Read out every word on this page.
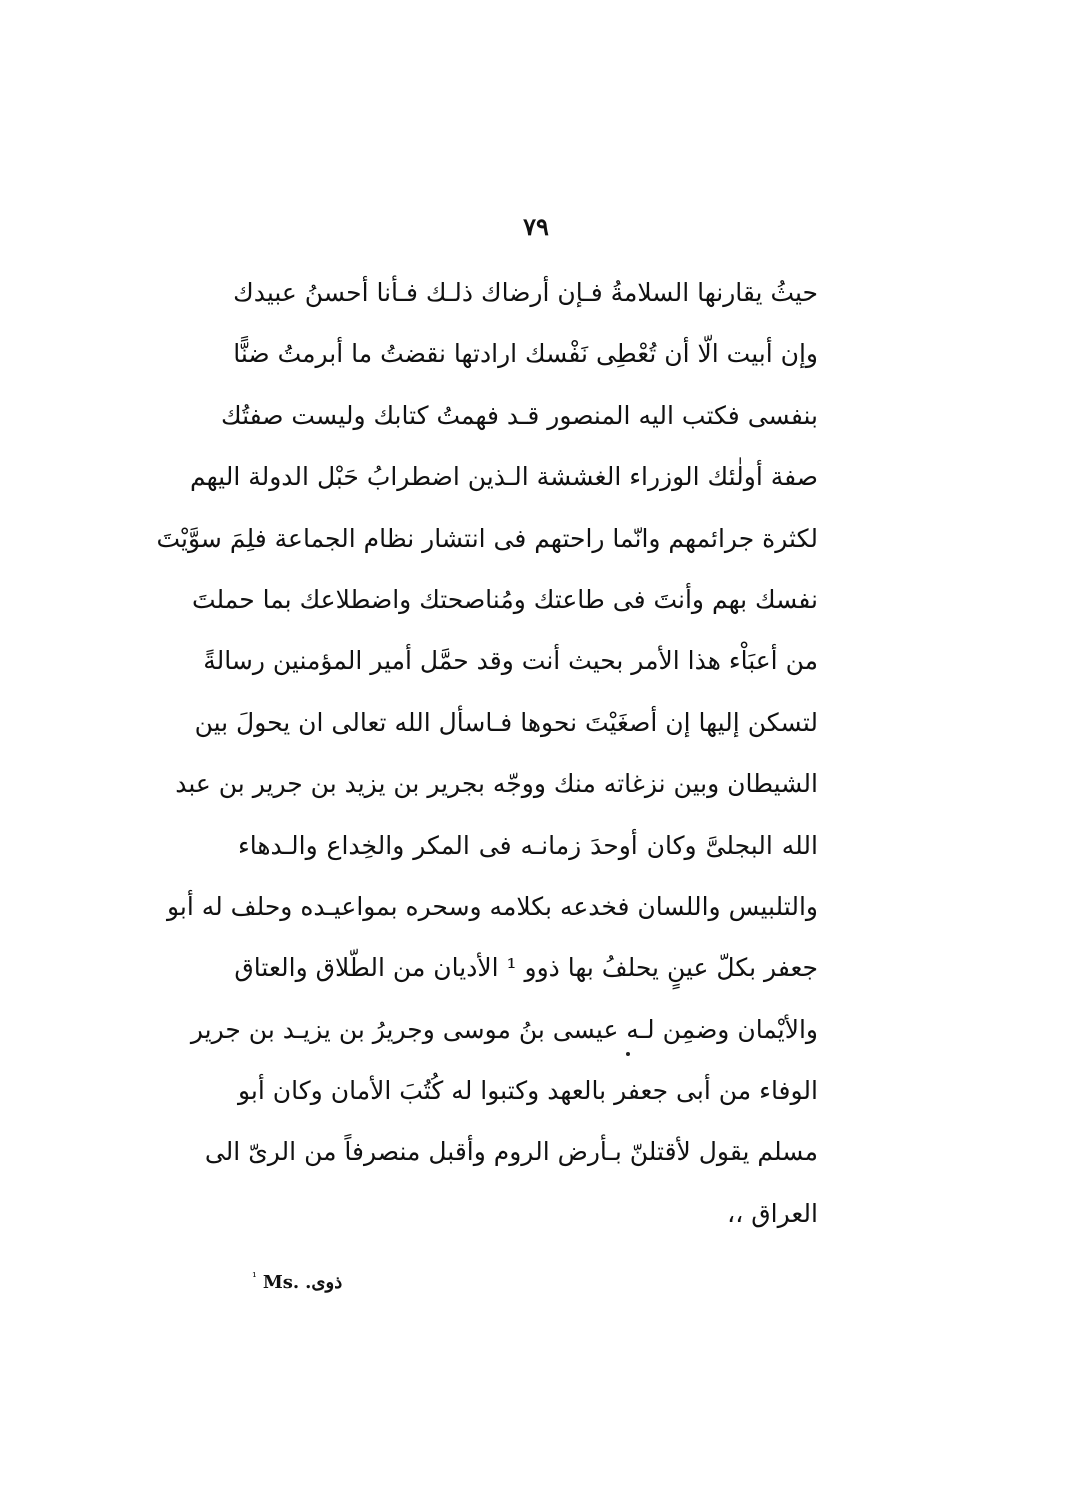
٧٩
حيثُ يقارنها السلامةُ فـإن أرضاك ذلـك فـأنا أحسنُ عبيدك
وإن أبيت الّا أن تُعْطِى نَفْسك ارادتها نقضتُ ما أبرمتُ ضنًّا
بنفسى فكتب اليه المنصور قـد فهمتُ كتابك وليست صفتُك
صفة أولٰئك الوزراء الغششة الـذين اضطرابُ حَبْل الدولة اليهم
لكثرة جرائمهم وانّما راحتهم فى انتشار نظام الجماعة فلِمَ سوَّيْتَ
نفسك بهم وأنتَ فى طاعتك ومُناصحتك واضطلاعك بما حملتَ
من أعبَاْء هذا الأمر بحيث أنت وقد حمَّل أمير المؤمنين رسالةً
لتسكن إليها إن أصغَيْتَ نحوها فـاسأل الله تعالى ان يحولَ بين
الشيطان وبين نزغاته منك ووجّه بجرير بن يزيد بن جرير بن عبد
الله البجلىَّ وكان أوحدَ زمانـه فى المكر والخِداع والـدهاء
والتلبيس واللسان فخدعه بكلامه وسحره بمواعيـده وحلف له أبو
جعفر بكلّ عينٍ يحلفُ بها ذوو ¹ الأديان من الطّلاق والعتاق
والأيْمان وضمِن لـه عيسى بنُ موسى وجريرُ بن يزيـد بن جرير
الوفاء من أبى جعفر بالعهد وكتبوا له كُتُبَ الأمان وكان أبو
مسلم يقول لأقتلنّ بـأرض الروم وأقبل منصرفاً من الرىّ الى
العراق ،،
$^{^1}$ Ms. ذوى.
